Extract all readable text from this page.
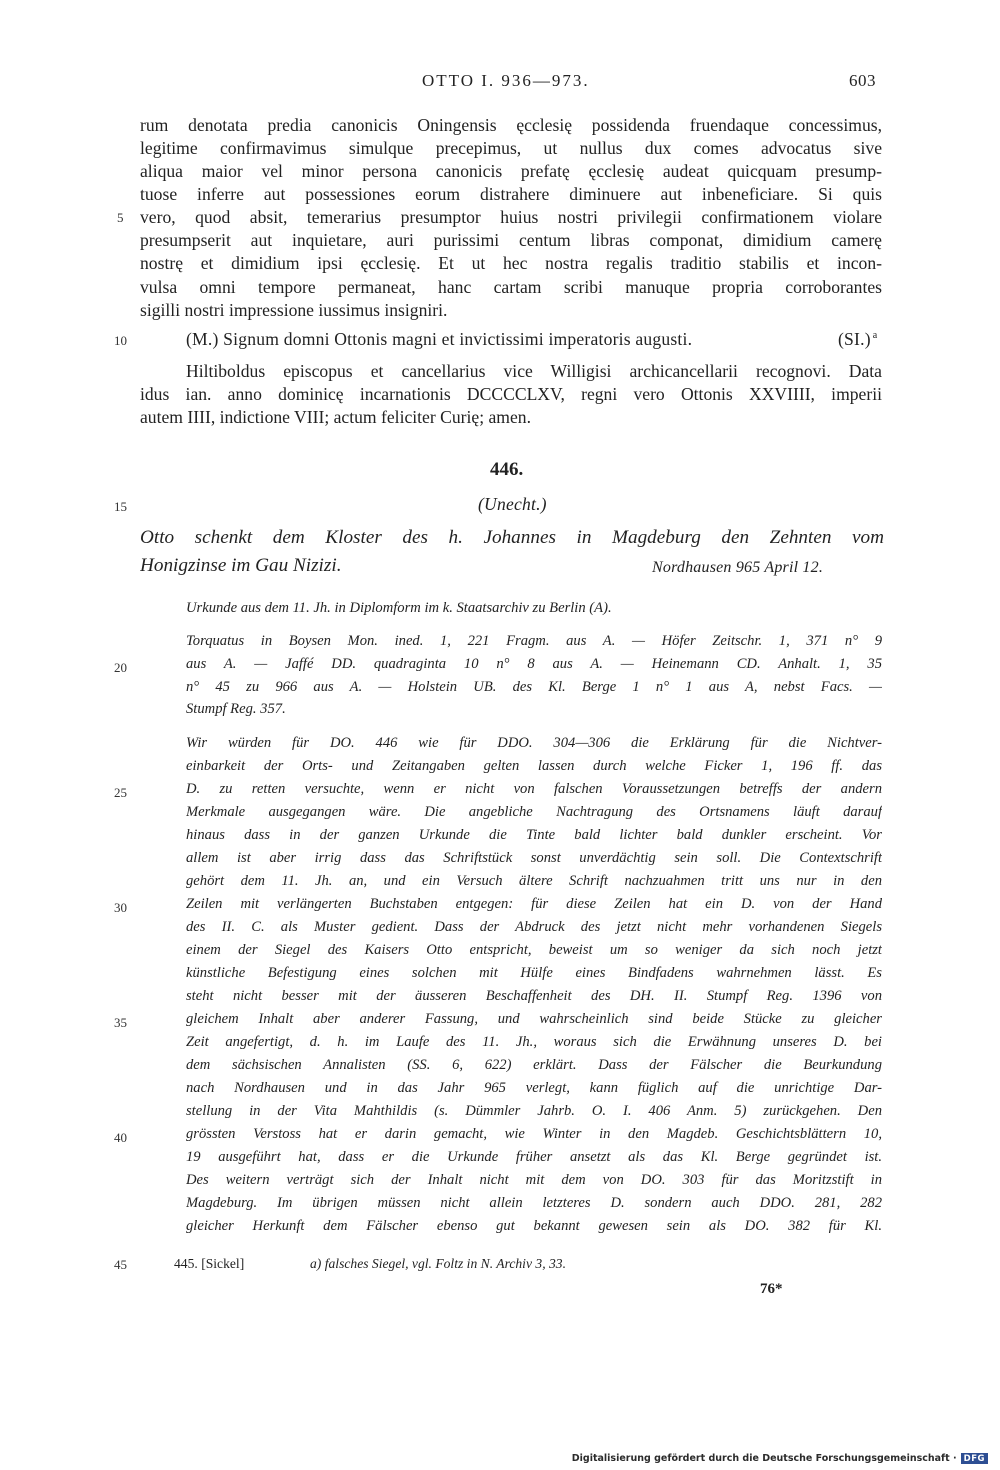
OTTO I. 936—973.	603
rum denotata predia canonicis Oningensis ęcclesię possidenda fruendaque concessimus,
legitime confirmavimus simulque precepimus, ut nullus dux comes advocatus sive
aliqua maior vel minor persona canonicis prefatę ęcclesię audeat quicquam presump-
tuose inferre aut possessiones eorum distrahere diminuere aut inbeneficiare. Si quis
vero, quod absit, temerarius presumptor huius nostri privilegii confirmationem violare
presumpserit aut inquietare, auri purissimi centum libras componat, dimidium camerę
nostrę et dimidium ipsi ęcclesię. Et ut hec nostra regalis traditio stabilis et incon-
vulsa omni tempore permaneat, hanc cartam scribi manuque propria corroborantes
sigilli nostri impressione iussimus insigniri.
(M.) Signum domni Ottonis magni et invictissimi imperatoris augusti.	(SI.) $^a$
Hiltiboldus episcopus et cancellarius vice Willigisi archicancellarii recognovi. Data
idus ian. anno dominicę incarnationis DCCCCLXV, regni vero Ottonis XXVIIII, imperii
autem IIII, indictione VIII; actum feliciter Curię; amen.
446.
(Unecht.)
Otto schenkt dem Kloster des h. Johannes in Magdeburg den Zehnten vom
Honigzinse im Gau Nizizi.	Nordhausen 965 April 12.
Urkunde aus dem 11. Jh. in Diplomform im k. Staatsarchiv zu Berlin (A).
Torquatus in Boysen Mon. ined. 1, 221 Fragm. aus A. — Höfer Zeitschr. 1, 371 n° 9
aus A. — Jaffé DD. quadraginta 10 n° 8 aus A. — Heinemann CD. Anhalt. 1, 35
n° 45 zu 966 aus A. — Holstein UB. des Kl. Berge 1 n° 1 aus A, nebst Facs. —
Stumpf Reg. 357.
Wir würden für DO. 446 wie für DDO. 304—306 die Erklärung für die Nichtver-
einbarkeit der Orts- und Zeitangaben gelten lassen durch welche Ficker 1, 196 ff. das
D. zu retten versuchte, wenn er nicht von falschen Voraussetzungen betreffs der andern
Merkmale ausgegangen wäre. Die angebliche Nachtragung des Ortsnamens läuft darauf
hinaus dass in der ganzen Urkunde die Tinte bald lichter bald dunkler erscheint. Vor
allem ist aber irrig dass das Schriftstück sonst unverdächtig sein soll. Die Contextschrift
gehört dem 11. Jh. an, und ein Versuch ältere Schrift nachzuahmen tritt uns nur in den
Zeilen mit verlängerten Buchstaben entgegen: für diese Zeilen hat ein D. von der Hand
des II. C. als Muster gedient. Dass der Abdruck des jetzt nicht mehr vorhandenen Siegels
einem der Siegel des Kaisers Otto entspricht, beweist um so weniger da sich noch jetzt
künstliche Befestigung eines solchen mit Hülfe eines Bindfadens wahrnehmen lässt. Es
steht nicht besser mit der äusseren Beschaffenheit des DH. II. Stumpf Reg. 1396 von
gleichem Inhalt aber anderer Fassung, und wahrscheinlich sind beide Stücke zu gleicher
Zeit angefertigt, d. h. im Laufe des 11. Jh., woraus sich die Erwähnung unseres D. bei
dem sächsischen Annalisten (SS. 6, 622) erklärt. Dass der Fälscher die Beurkundung
nach Nordhausen und in das Jahr 965 verlegt, kann füglich auf die unrichtige Dar-
stellung in der Vita Mahthildis (s. Dümmler Jahrb. O. I. 406 Anm. 5) zurückgehen. Den
grössten Verstoss hat er darin gemacht, wie Winter in den Magdeb. Geschichtsblättern 10,
19 ausgeführt hat, dass er die Urkunde früher ansetzt als das Kl. Berge gegründet ist.
Des weitern verträgt sich der Inhalt nicht mit dem von DO. 303 für das Moritzstift in
Magdeburg. Im übrigen müssen nicht allein letzteres D. sondern auch DDO. 281, 282
gleicher Herkunft dem Fälscher ebenso gut bekannt gewesen sein als DO. 382 für Kl.
5
10
15
20
25
30
35
40
45	445. [Sickel]	a) falsches Siegel, vgl. Foltz in N. Archiv 3, 33.
76*
Digitalisierung gefördert durch die Deutsche Forschungsgemeinschaft · DFG
